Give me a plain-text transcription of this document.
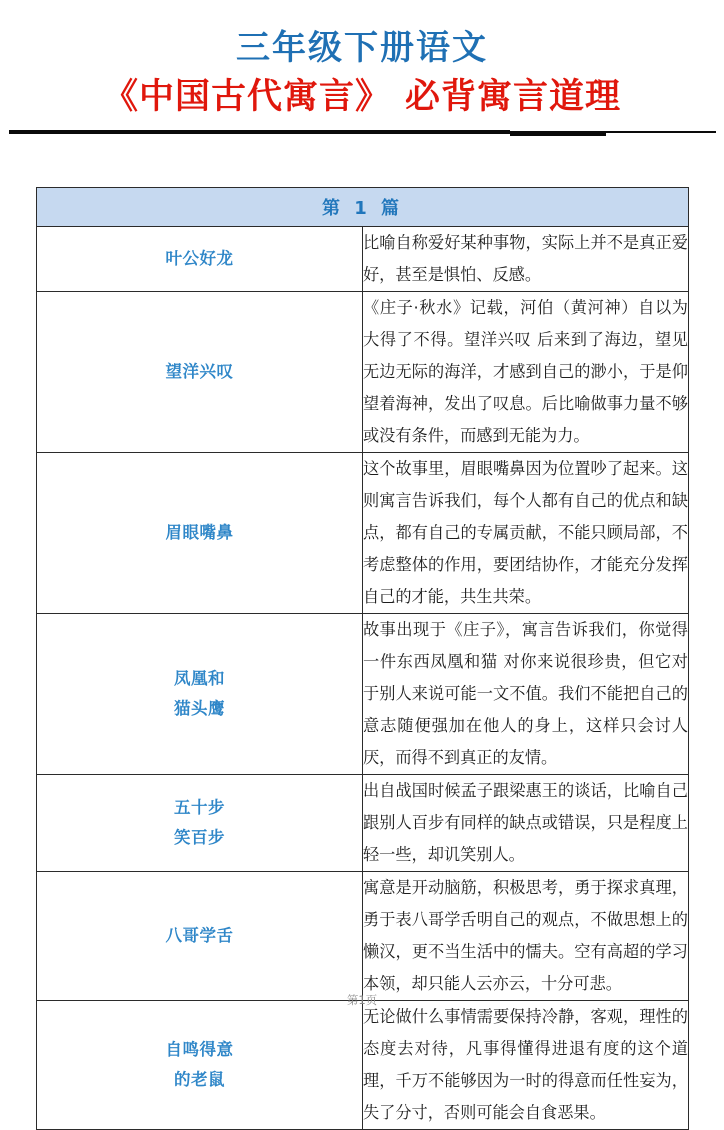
三年级下册语文
《中国古代寓言》 必背寓言道理
第 1 篇	

叶公好龙	比喻自称爱好某种事物，实际上并不是真正爱好，甚至是惧怕、反感。

望洋兴叹	《庄子·秋水》记载，河伯（黄河神）自以为大得了不得。望洋兴叹 后来到了海边，望见无边无际的海洋，才感到自己的渺小，于是仰望着海神，发出了叹息。后比喻做事力量不够或没有条件，而感到无能为力。

眉眼嘴鼻	这个故事里，眉眼嘴鼻因为位置吵了起来。这则寓言告诉我们，每个人都有自己的优点和缺点，都有自己的专属贡献，不能只顾局部，不考虑整体的作用，要团结协作，才能充分发挥自己的才能，共生共荣。

凤凰和
猫头鹰	故事出现于《庄子》，寓言告诉我们，你觉得一件东西凤凰和猫 对你来说很珍贵，但它对于别人来说可能一文不值。我们不能把自己的意志随便强加在他人的身上，这样只会讨人厌，而得不到真正的友情。

五十步
笑百步	出自战国时候孟子跟梁惠王的谈话，比喻自己跟别人百步有同样的缺点或错误，只是程度上轻一些，却讥笑别人。

八哥学舌	寓意是开动脑筋，积极思考，勇于探求真理，勇于表八哥学舌明自己的观点，不做思想上的懒汉，更不当生活中的懦夫。空有高超的学习本领，却只能人云亦云，十分可悲。

自鸣得意
的老鼠	无论做什么事情需要保持冷静，客观，理性的态度去对待，凡事得懂得进退有度的这个道理，千万不能够因为一时的得意而任性妄为，失了分寸，否则可能会自食恶果。
第1页
